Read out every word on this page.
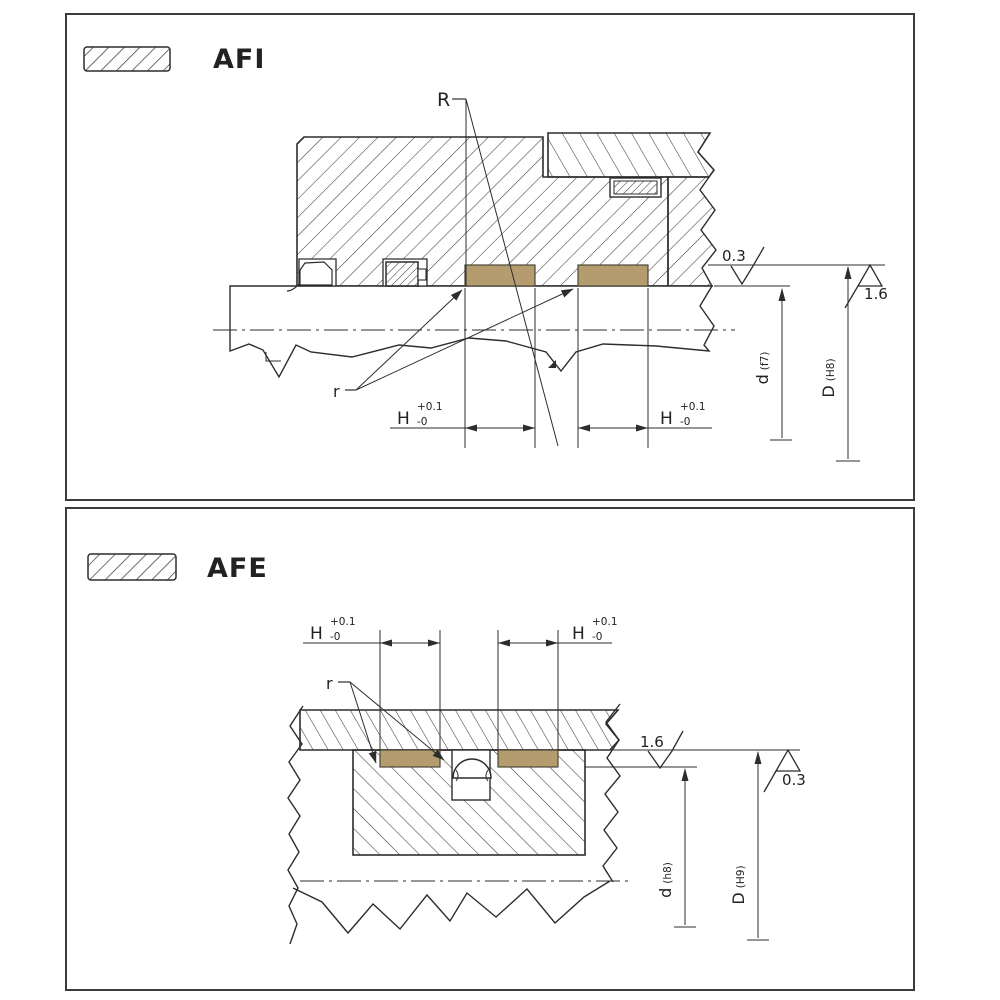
AFI
0.3
1.6
R
r
H
+0.1
-0	H
+0.1
-0
d(f7)
D(H8)
AFE
1.6
0.3
r
H
+0.1
-0	H
+0.1
-0
d(h8)
D(H9)
